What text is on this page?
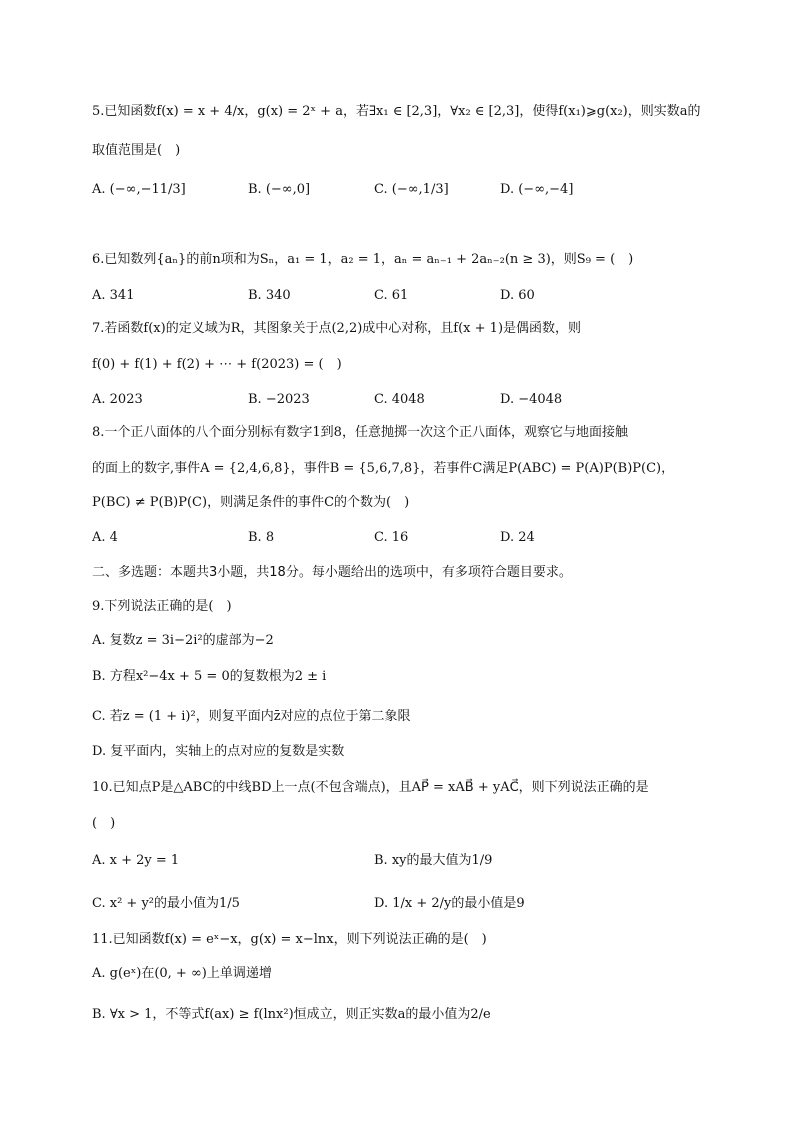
5.已知函数f(x) = x + 4/x，g(x) = 2ˣ + a，若∃x₁ ∈ [2,3]，∀x₂ ∈ [2,3]，使得f(x₁)⩾g(x₂)，则实数a的
取值范围是(　)
A. (−∞,−11/3]	B. (−∞,0]	C. (−∞,1/3]	D. (−∞,−4]
6.已知数列{aₙ}的前n项和为Sₙ，a₁ = 1，a₂ = 1，aₙ = aₙ₋₁ + 2aₙ₋₂(n ≥ 3)，则S₉ = (　)
A. 341	B. 340	C. 61	D. 60
7.若函数f(x)的定义域为R，其图象关于点(2,2)成中心对称，且f(x + 1)是偶函数，则
f(0) + f(1) + f(2) + ⋯ + f(2023) = (　)
A. 2023	B. −2023	C. 4048	D. −4048
8.一个正八面体的八个面分别标有数字1到8，任意抛掷一次这个正八面体，观察它与地面接触
的面上的数字,事件A = {2,4,6,8}，事件B = {5,6,7,8}，若事件C满足P(ABC) = P(A)P(B)P(C)，
P(BC) ≠ P(B)P(C)，则满足条件的事件C的个数为(　)
A. 4	B. 8	C. 16	D. 24
二、多选题：本题共3小题，共18分。每小题给出的选项中，有多项符合题目要求。
9.下列说法正确的是(　)
A. 复数z = 3i−2i²的虚部为−2
B. 方程x²−4x + 5 = 0的复数根为2 ± i
C. 若z = (1 + i)²，则复平面内z̄对应的点位于第二象限
D. 复平面内，实轴上的点对应的复数是实数
10.已知点P是△ABC的中线BD上一点(不包含端点)，且AP⃗ = xAB⃗ + yAC⃗，则下列说法正确的是
(　)
A. x + 2y = 1	B. xy的最大值为1/9
C. x² + y²的最小值为1/5	D. 1/x + 2/y的最小值是9
11.已知函数f(x) = eˣ−x，g(x) = x−lnx，则下列说法正确的是(　)
A. g(eˣ)在(0, + ∞)上单调递增
B. ∀x > 1，不等式f(ax) ≥ f(lnx²)恒成立，则正实数a的最小值为2/e
